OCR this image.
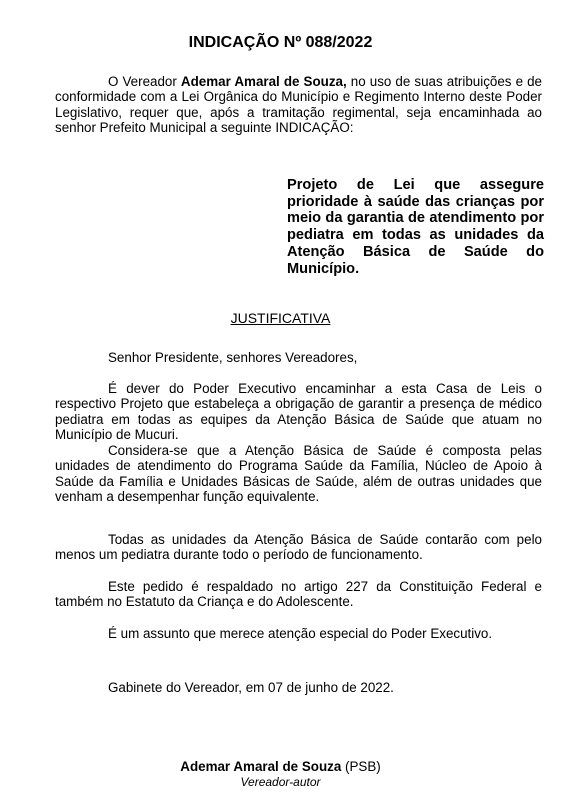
INDICAÇÃO Nº 088/2022

O Vereador Ademar Amaral de Souza, no uso de suas atribuições e de conformidade com a Lei Orgânica do Município e Regimento Interno deste Poder Legislativo, requer que, após a tramitação regimental, seja encaminhada ao senhor Prefeito Municipal a seguinte INDICAÇÃO:

Projeto de Lei que assegure prioridade à saúde das crianças por meio da garantia de atendimento por pediatra em todas as unidades da Atenção Básica de Saúde do Município.

JUSTIFICATIVA

Senhor Presidente, senhores Vereadores,

É dever do Poder Executivo encaminhar a esta Casa de Leis o respectivo Projeto que estabeleça a obrigação de garantir a presença de médico pediatra em todas as equipes da Atenção Básica de Saúde que atuam no Município de Mucuri.

Considera-se que a Atenção Básica de Saúde é composta pelas unidades de atendimento do Programa Saúde da Família, Núcleo de Apoio à Saúde da Família e Unidades Básicas de Saúde, além de outras unidades que venham a desempenhar função equivalente.

Todas as unidades da Atenção Básica de Saúde contarão com pelo menos um pediatra durante todo o período de funcionamento.

Este pedido é respaldado no artigo 227 da Constituição Federal e também no Estatuto da Criança e do Adolescente.

É um assunto que merece atenção especial do Poder Executivo.

Gabinete do Vereador, em 07 de junho de 2022.

Ademar Amaral de Souza (PSB)
Vereador-autor
